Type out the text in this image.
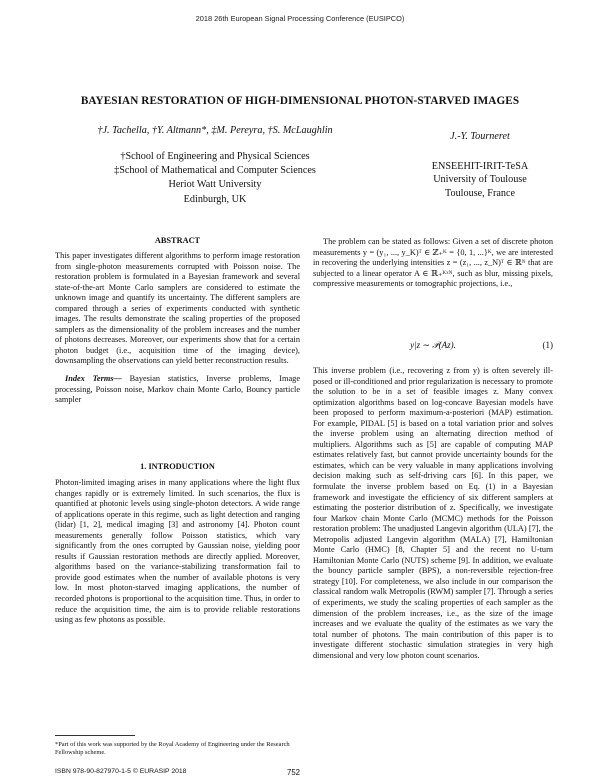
2018 26th European Signal Processing Conference (EUSIPCO)
BAYESIAN RESTORATION OF HIGH-DIMENSIONAL PHOTON-STARVED IMAGES
†J. Tachella, †Y. Altmann*, ‡M. Pereyra, †S. McLaughlin
†School of Engineering and Physical Sciences
‡School of Mathematical and Computer Sciences
Heriot Watt University
Edinburgh, UK
J.-Y. Tourneret
ENSEEHIT-IRIT-TeSA
University of Toulouse
Toulouse, France
ABSTRACT

This paper investigates different algorithms to perform image restoration from single-photon measurements corrupted with Poisson noise. The restoration problem is formulated in a Bayesian framework and several state-of-the-art Monte Carlo samplers are considered to estimate the unknown image and quantify its uncertainty. The different samplers are compared through a series of experiments conducted with synthetic images. The results demonstrate the scaling properties of the proposed samplers as the dimensionality of the problem increases and the number of photons decreases. Moreover, our experiments show that for a certain photon budget (i.e., acquisition time of the imaging device), downsampling the observations can yield better reconstruction results.

Index Terms— Bayesian statistics, Inverse problems, Image processing, Poisson noise, Markov chain Monte Carlo, Bouncy particle sampler

1. INTRODUCTION
Photon-limited imaging arises in many applications where the light flux changes rapidly or is extremely limited. In such scenarios, the flux is quantified at photonic levels using single-photon detectors. A wide range of applications operate in this regime, such as light detection and ranging (lidar) [1, 2], medical imaging [3] and astronomy [4]. Photon count measurements generally follow Poisson statistics, which vary significantly from the ones corrupted by Gaussian noise, yielding poor results if Gaussian restoration methods are directly applied. Moreover, algorithms based on the variance-stabilizing transformation fail to provide good estimates when the number of available photons is very low. In most photon-starved imaging applications, the number of recorded photons is proportional to the acquisition time. Thus, in order to reduce the acquisition time, the aim is to provide reliable restorations using as few photons as possible.
*Part of this work was supported by the Royal Academy of Engineering under the Research Fellowship scheme.
The problem can be stated as follows: Given a set of discrete photon measurements y = (y₁, ..., y_K)ᵀ ∈ ℤ₊ᴷ = {0, 1, ...}ᴷ, we are interested in recovering the underlying intensities z = (z₁, ..., z_N)ᵀ ∈ ℝᴺ that are subjected to a linear operator A ∈ ℝ₊ᴷˣᴺ, such as blur, missing pixels, compressive measurements or tomographic projections, i.e.,
y|z ∼ 𝒫(Az).	(1)
This inverse problem (i.e., recovering z from y) is often severely ill-posed or ill-conditioned and prior regularization is necessary to promote the solution to be in a set of feasible images z. Many convex optimization algorithms based on log-concave Bayesian models have been proposed to perform maximum-a-posteriori (MAP) estimation. For example, PIDAL [5] is based on a total variation prior and solves the inverse problem using an alternating direction method of multipliers. Algorithms such as [5] are capable of computing MAP estimates relatively fast, but cannot provide uncertainty bounds for the estimates, which can be very valuable in many applications involving decision making such as self-driving cars [6]. In this paper, we formulate the inverse problem based on Eq. (1) in a Bayesian framework and investigate the efficiency of six different samplers at estimating the posterior distribution of z. Specifically, we investigate four Markov chain Monte Carlo (MCMC) methods for the Poisson restoration problem: The unadjusted Langevin algorithm (ULA) [7], the Metropolis adjusted Langevin algorithm (MALA) [7], Hamiltonian Monte Carlo (HMC) [8, Chapter 5] and the recent no U-turn Hamiltonian Monte Carlo (NUTS) scheme [9]. In addition, we evaluate the bouncy particle sampler (BPS), a non-reversible rejection-free strategy [10]. For completeness, we also include in our comparison the classical random walk Metropolis (RWM) sampler [7]. Through a series of experiments, we study the scaling properties of each sampler as the dimension of the problem increases, i.e., as the size of the image increases and we evaluate the quality of the estimates as we vary the total number of photons. The main contribution of this paper is to investigate different stochastic simulation strategies in very high dimensional and very low photon count scenarios.
ISBN 978-90-827970-1-5 © EURASIP 2018	752
